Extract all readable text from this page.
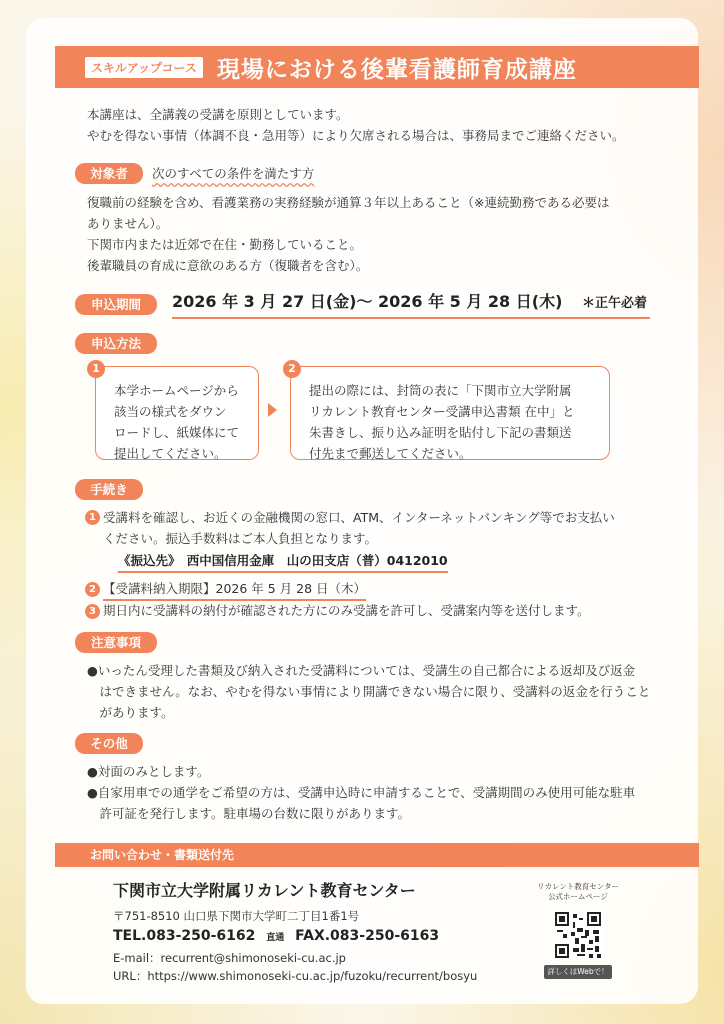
スキルアップコース 現場における後輩看護師育成講座
本講座は、全講義の受講を原則としています。
やむを得ない事情（体調不良・急用等）により欠席される場合は、事務局までご連絡ください。
対象者	次のすべての条件を満たす方
復職前の経験を含め、看護業務の実務経験が通算３年以上あること（※連続勤務である必要は
ありません）。
下関市内または近郊で在住・勤務していること。
後輩職員の育成に意欲のある方（復職者を含む）。
申込期間	2026 年 3 月 27 日(金)～ 2026 年 5 月 28 日(木) ＊正午必着
申込方法
本学ホームページから
該当の様式をダウン
ロードし、紙媒体にて
提出してください。
1
提出の際には、封筒の表に「下関市立大学附属
リカレント教育センター受講申込書類 在中」と
朱書きし、振り込み証明を貼付し下記の書類送
付先まで郵送してください。
2
手続き
1 受講料を確認し、お近くの金融機関の窓口、ATM、インターネットバンキング等でお支払い
ください。振込手数料はご本人負担となります。
《振込先》　西中国信用金庫　山の田支店（普）0412010
2 【受講料納入期限】2026 年 5 月 28 日（木）
3 期日内に受講料の納付が確認された方にのみ受講を許可し、受講案内等を送付します。
注意事項
●いったん受理した書類及び納入された受講料については、受講生の自己都合による返却及び返金
　はできません。なお、やむを得ない事情により開講できない場合に限り、受講料の返金を行うこと
　があります。
その他
●対面のみとします。
●自家用車での通学をご希望の方は、受講申込時に申請することで、受講期間のみ使用可能な駐車
　許可証を発行します。駐車場の台数に限りがあります。
お問い合わせ・書類送付先
下関市立大学附属リカレント教育センター
〒751-8510 山口県下関市大学町二丁目1番1号
TEL.083-250-6162 直通 FAX.083-250-6163
E-mail：recurrent@shimonoseki-cu.ac.jp
URL：https://www.shimonoseki-cu.ac.jp/fuzoku/recurrent/bosyu
リカレント教育センター
公式ホームページ
詳しくはWebで！
